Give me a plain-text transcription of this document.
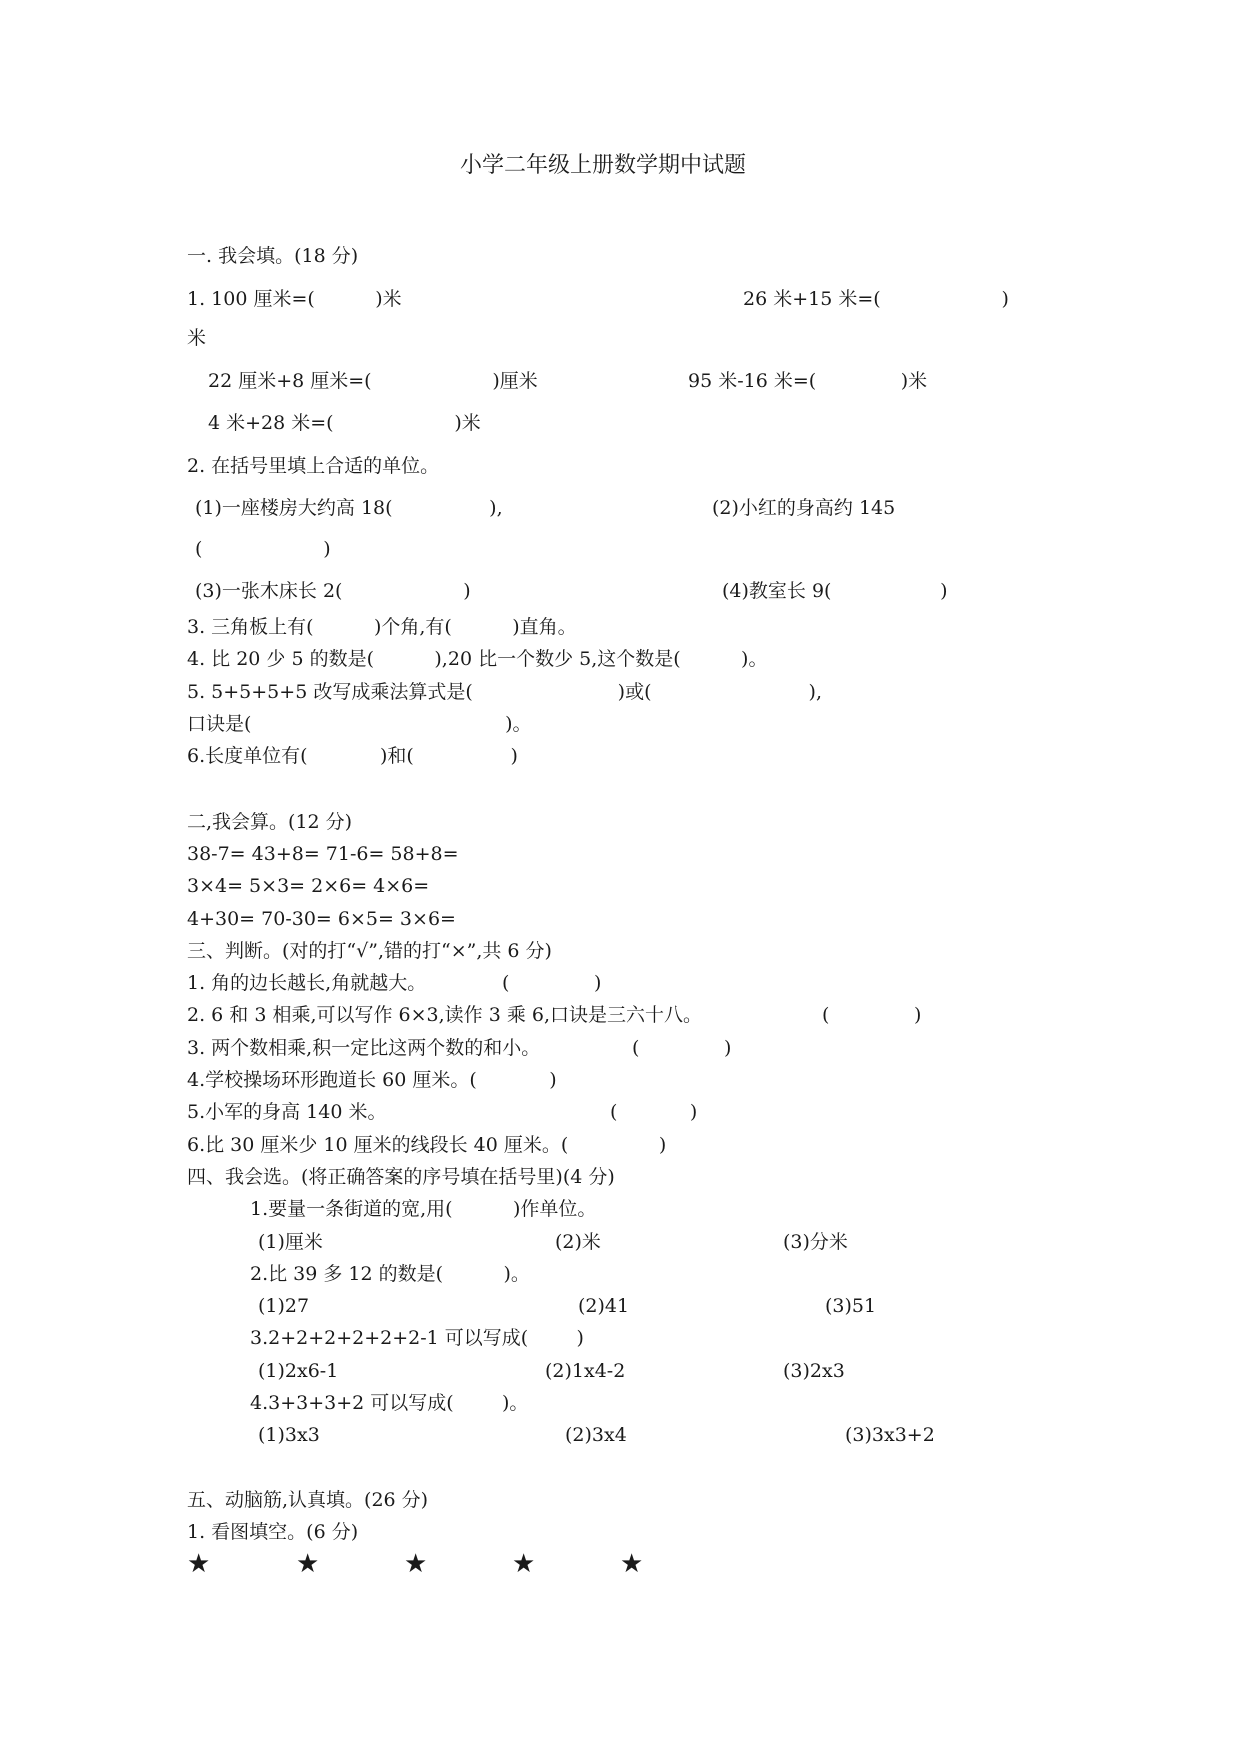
小学二年级上册数学期中试题
一. 我会填。(18 分)
1. 100 厘米=(          )米	26 米+15 米=(                    )
米
22 厘米+8 厘米=(                    )厘米	95 米-16 米=(              )米
4 米+28 米=(                    )米
2. 在括号里填上合适的单位。
(1)一座楼房大约高 18(                ),	(2)小红的身高约 145
(                    )
(3)一张木床长 2(                    )	(4)教室长 9(                  )
3. 三角板上有(          )个角,有(          )直角。
4. 比 20 少 5 的数是(          ),20 比一个数少 5,这个数是(          )。
5. 5+5+5+5 改写成乘法算式是(                        )或(                          ),
口诀是(                                          )。
6.长度单位有(            )和(                )
二,我会算。(12 分)
38-7= 43+8= 71-6= 58+8=
3×4= 5×3= 2×6= 4×6=
4+30= 70-30= 6×5= 3×6=
三、判断。(对的打“√”,错的打“×”,共 6 分)
1. 角的边长越长,角就越大。	(              )
2. 6 和 3 相乘,可以写作 6×3,读作 3 乘 6,口诀是三六十八。	(              )
3. 两个数相乘,积一定比这两个数的和小。	(              )
4.学校操场环形跑道长 60 厘米。(            )
5.小军的身高 140 米。	(            )
6.比 30 厘米少 10 厘米的线段长 40 厘米。(               )
四、我会选。(将正确答案的序号填在括号里)(4 分)
1.要量一条街道的宽,用(          )作单位。
(1)厘米	(2)米	(3)分米
2.比 39 多 12 的数是(          )。
(1)27	(2)41	(3)51
3.2+2+2+2+2+2-1 可以写成(        )
(1)2x6-1	(2)1x4-2	(3)2x3
4.3+3+3+2 可以写成(        )。
(1)3x3	(2)3x4	(3)3x3+2
五、动脑筋,认真填。(26 分)
1. 看图填空。(6 分)
★	★	★	★	★
